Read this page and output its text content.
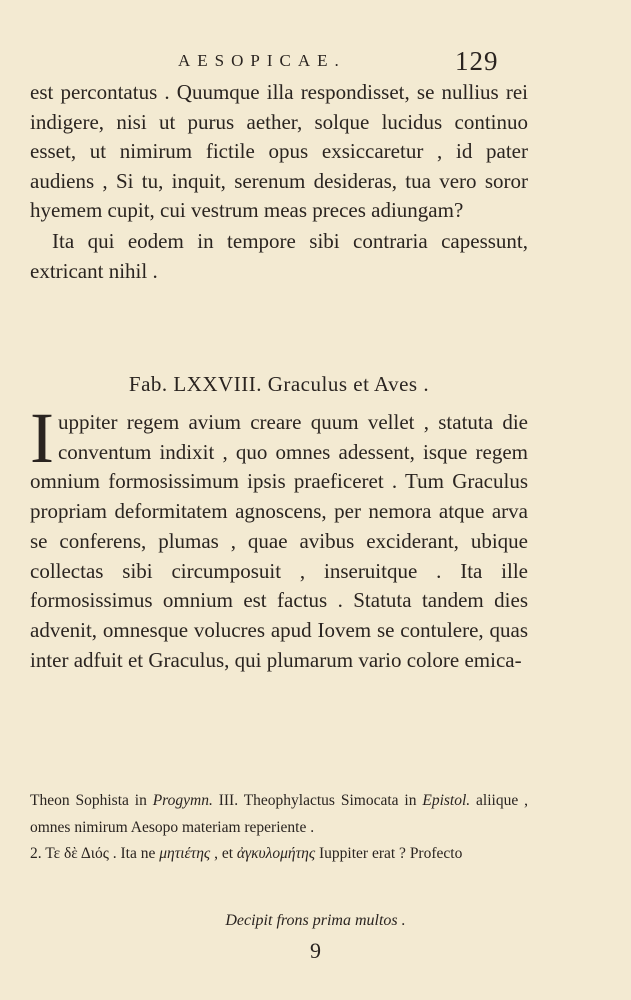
AESOPICAE.	129

est percontatus . Quumque illa respondisset, se nullius rei indigere, nisi ut purus aether, solque lucidus continuo esset, ut nimirum fictile opus exsiccaretur , id pater audiens , Si tu, inquit, serenum desideras, tua vero soror hyemem cupit, cui vestrum meas preces adiungam?

Ita qui eodem in tempore sibi contraria capessunt, extricant nihil .

Fab. LXXVIII. Graculus et Aves .

Iuppiter regem avium creare quum vellet , statuta die conventum indixit , quo omnes adessent, isque regem omnium formosissimum ipsis praeficeret . Tum Graculus propriam deformitatem agnoscens, per nemora atque arva se conferens, plumas , quae avibus exciderant, ubique collectas sibi circumposuit , inseruitque . Ita ille formosissimus omnium est factus . Statuta tandem dies advenit, omnesque volucres apud Iovem se contulere, quas inter adfuit et Graculus, qui plumarum vario colore emica-

Theon Sophista in Progymn. III. Theophylactus Simocata in Epistol. aliique , omnes nimirum Aesopo materiam reperiente .

2. Τε δὲ Διός . Ita ne μητιέτης , et ἀγκυλομήτης Iuppiter erat ? Profecto

Decipit frons prima multos .
9
